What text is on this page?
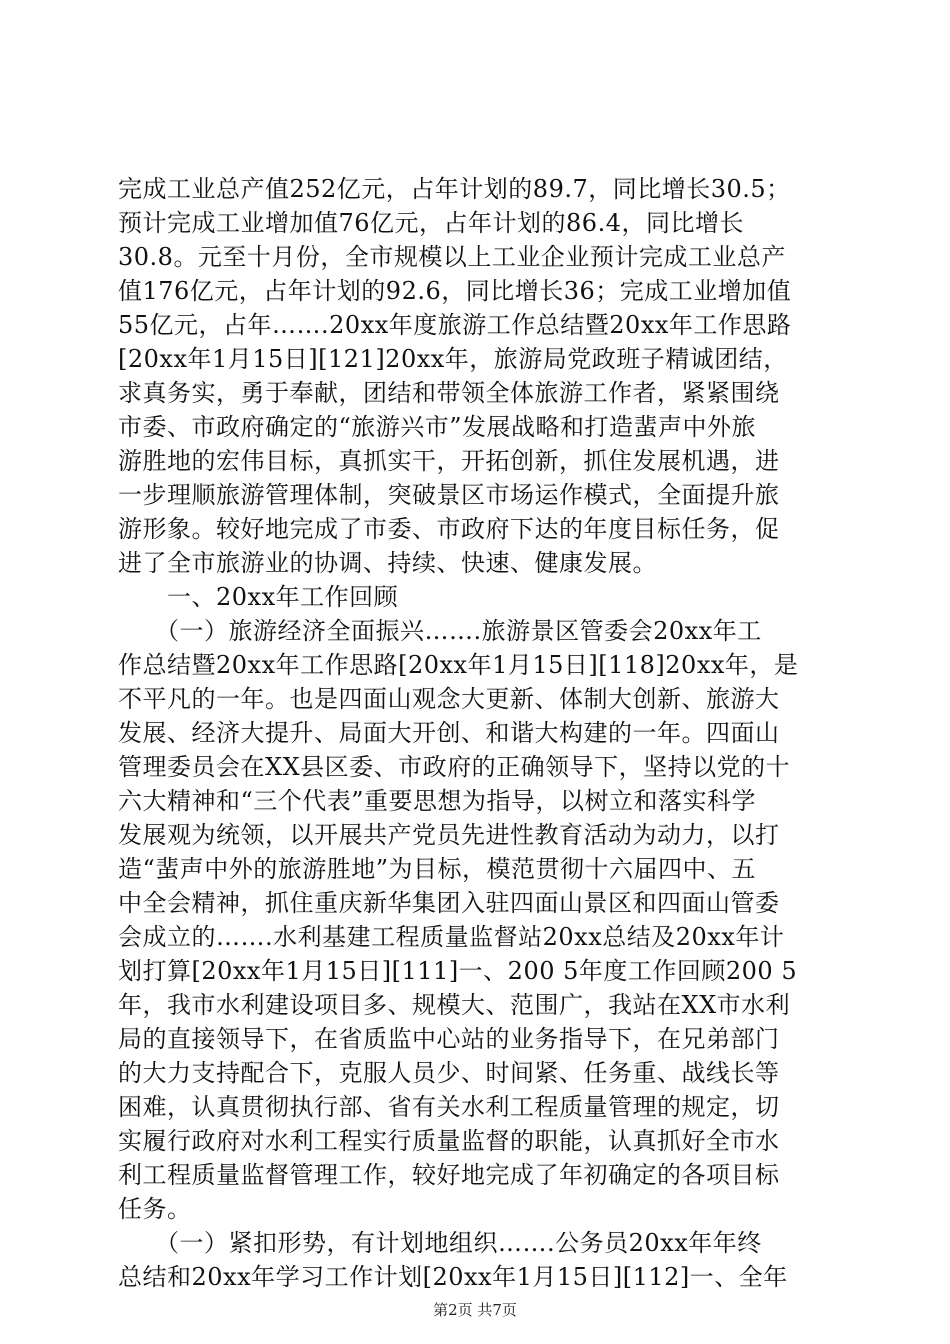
完成工业总产值252亿元，占年计划的89.7，同比增长30.5；
预计完成工业增加值76亿元，占年计划的86.4，同比增长
30.8。元至十月份，全市规模以上工业企业预计完成工业总产
值176亿元，占年计划的92.6，同比增长36；完成工业增加值
55亿元，占年…….20xx年度旅游工作总结暨20xx年工作思路
[20xx年1月15日][121]20xx年，旅游局党政班子精诚团结，
求真务实，勇于奉献，团结和带领全体旅游工作者，紧紧围绕
市委、市政府确定的“旅游兴市”发展战略和打造蜚声中外旅
游胜地的宏伟目标，真抓实干，开拓创新，抓住发展机遇，进
一步理顺旅游管理体制，突破景区市场运作模式，全面提升旅
游形象。较好地完成了市委、市政府下达的年度目标任务，促
进了全市旅游业的协调、持续、快速、健康发展。
　　一、20xx年工作回顾
　　（一）旅游经济全面振兴…….旅游景区管委会20xx年工
作总结暨20xx年工作思路[20xx年1月15日][118]20xx年，是
不平凡的一年。也是四面山观念大更新、体制大创新、旅游大
发展、经济大提升、局面大开创、和谐大构建的一年。四面山
管理委员会在XX县区委、市政府的正确领导下，坚持以党的十
六大精神和“三个代表”重要思想为指导，以树立和落实科学
发展观为统领，以开展共产党员先进性教育活动为动力，以打
造“蜚声中外的旅游胜地”为目标，模范贯彻十六届四中、五
中全会精神，抓住重庆新华集团入驻四面山景区和四面山管委
会成立的…….水利基建工程质量监督站20xx总结及20xx年计
划打算[20xx年1月15日][111]一、200 5年度工作回顾200 5
年，我市水利建设项目多、规模大、范围广，我站在XX市水利
局的直接领导下，在省质监中心站的业务指导下，在兄弟部门
的大力支持配合下，克服人员少、时间紧、任务重、战线长等
困难，认真贯彻执行部、省有关水利工程质量管理的规定，切
实履行政府对水利工程实行质量监督的职能，认真抓好全市水
利工程质量监督管理工作，较好地完成了年初确定的各项目标
任务。
　　（一）紧扣形势，有计划地组织…….公务员20xx年年终
总结和20xx年学习工作计划[20xx年1月15日][112]一、全年
第2页 共7页
